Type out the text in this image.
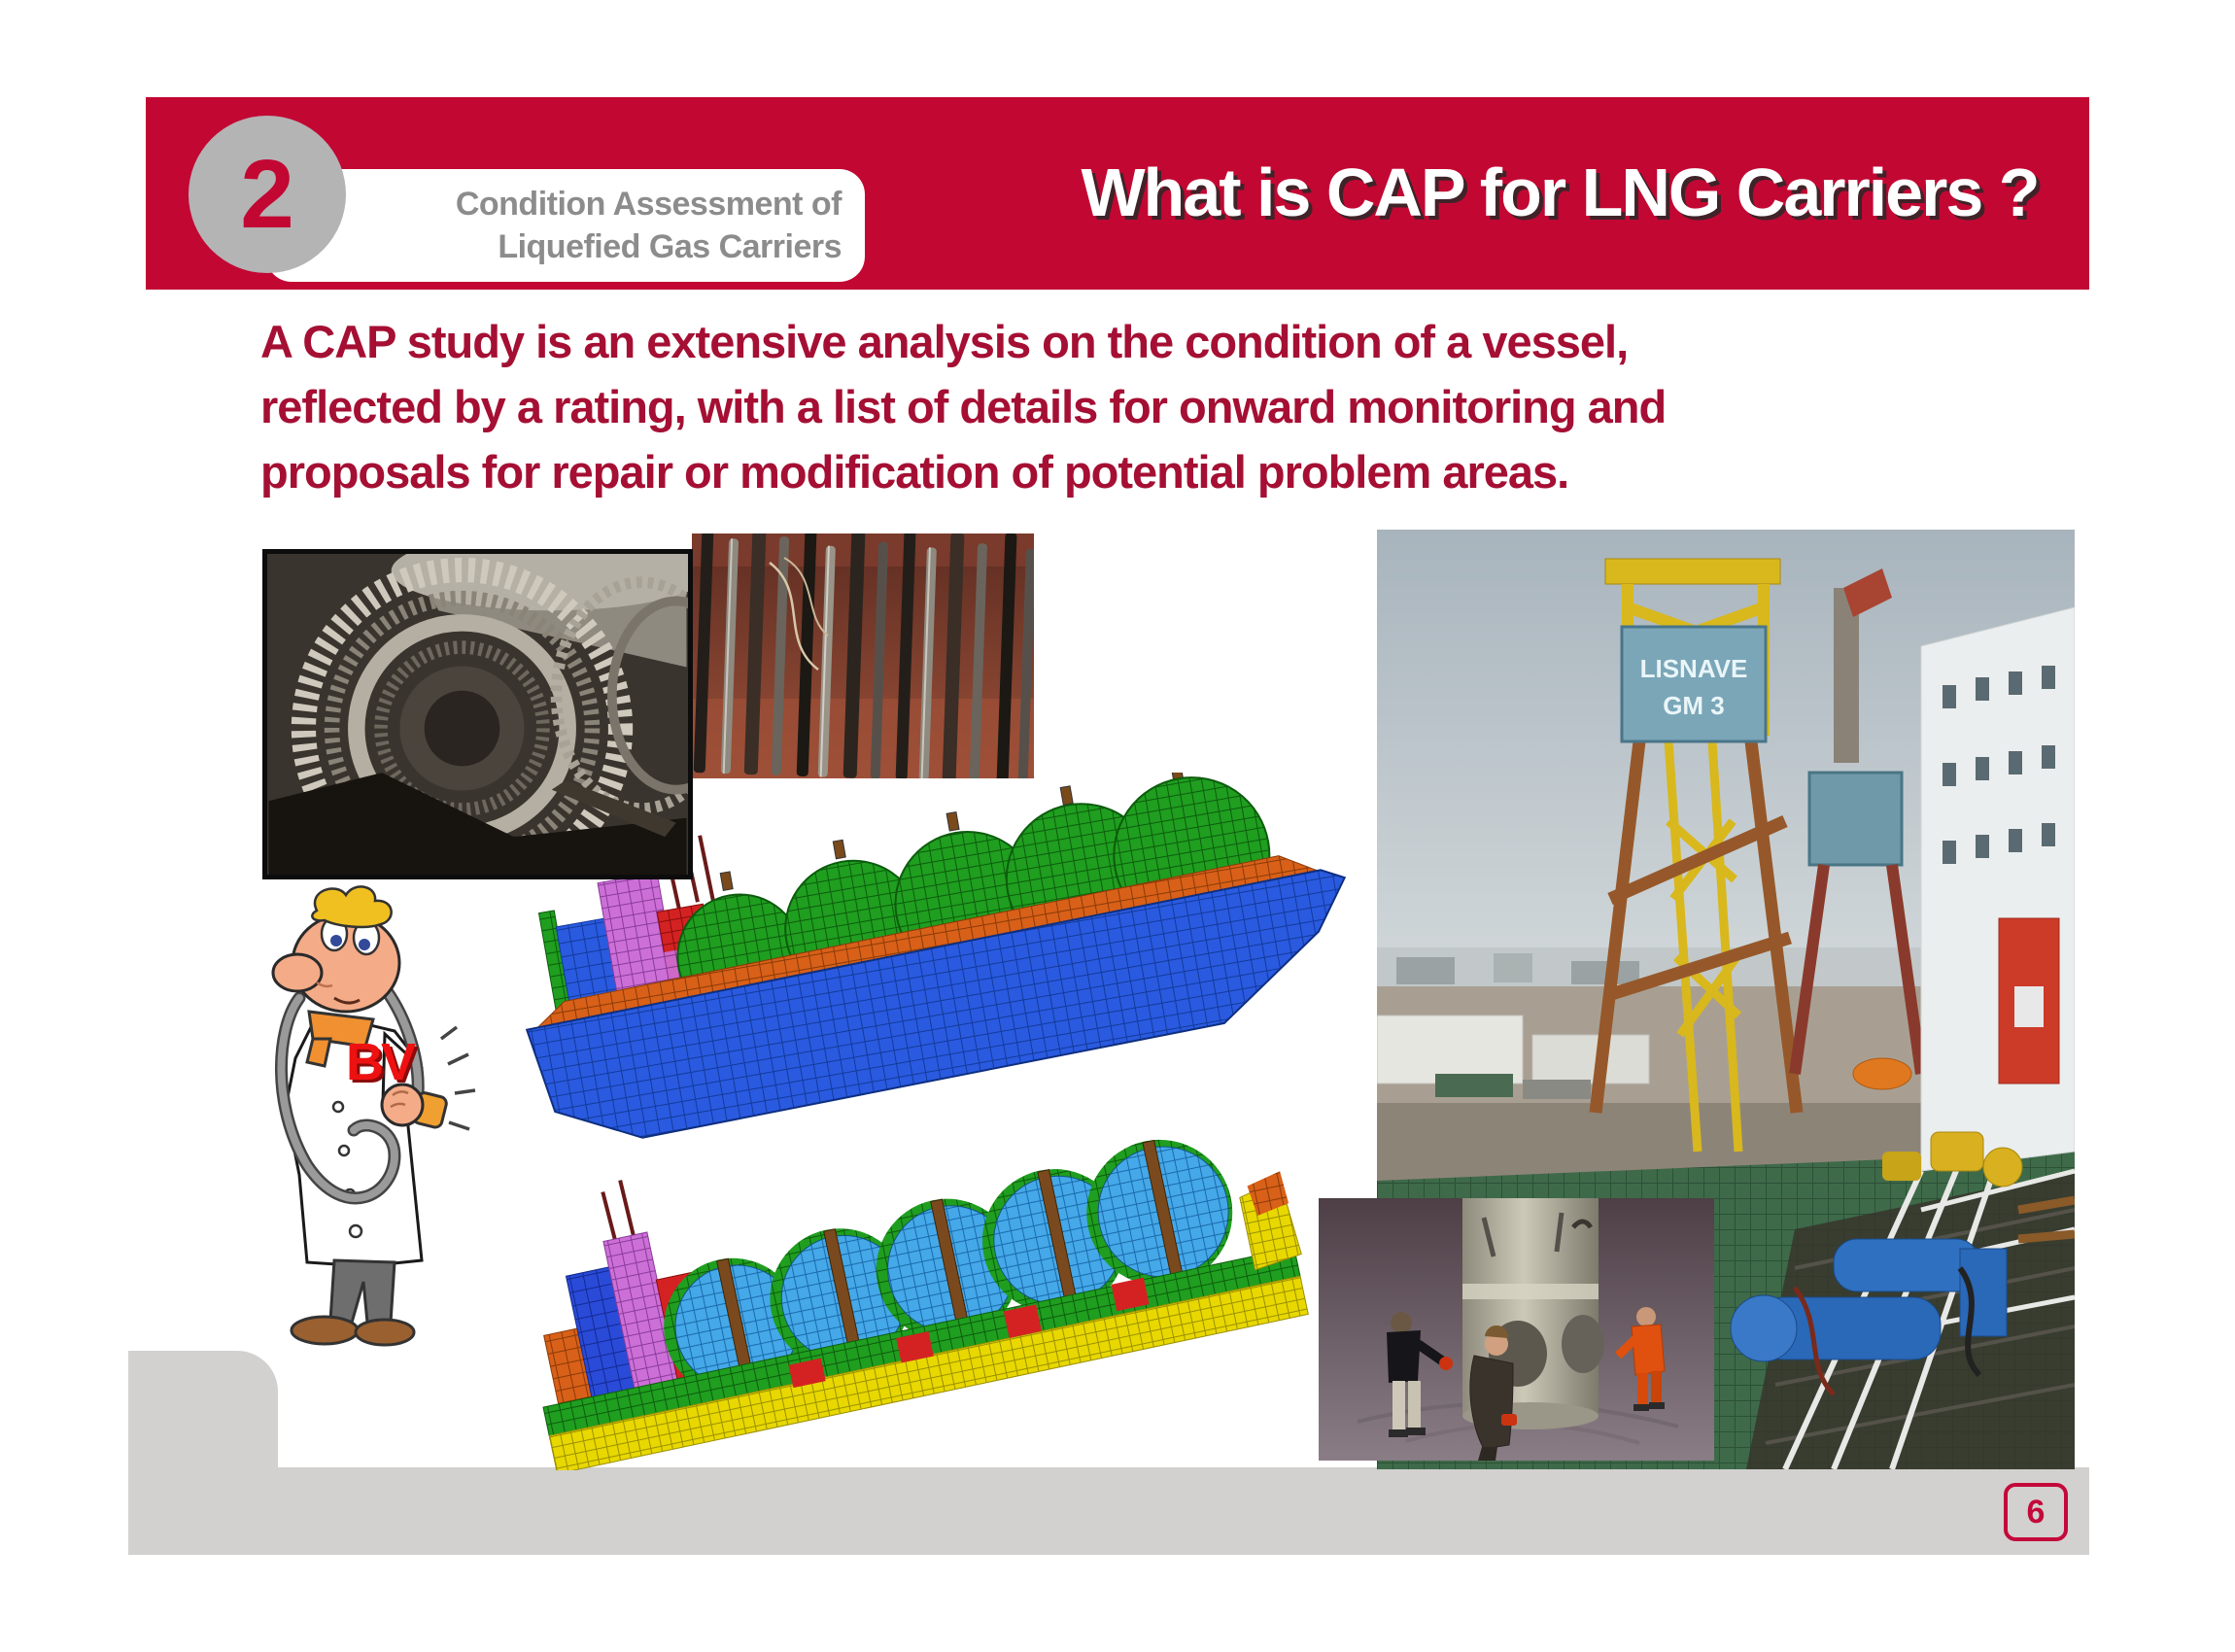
Condition Assessment of
Liquefied Gas Carriers
2	What is CAP for LNG Carriers ?
A CAP study is an extensive analysis on the condition of a vessel,
reflected by a rating, with a list of details for onward monitoring and
proposals for repair or modification of potential problem areas.
BV
LISNAVE
GM 3
6
